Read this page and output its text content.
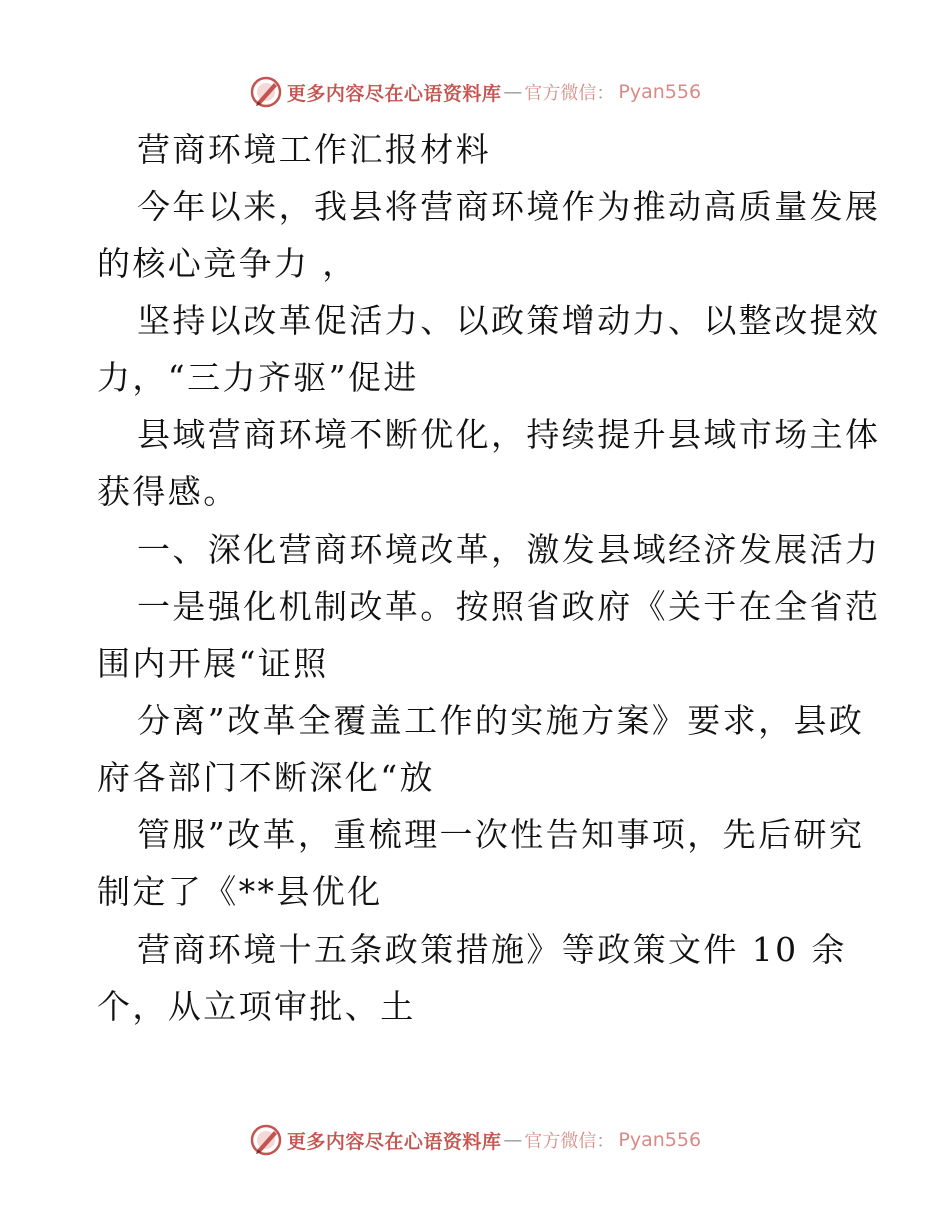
更多内容尽在心语资料库 — 官方微信 ： Pyan556
营商环境工作汇报材料
今年以来，我县将营商环境作为推动高质量发展
的核心竞争力 ，
坚持以改革促活力、以政策增动力、以整改提效
力，“三力齐驱”促进
县域营商环境不断优化，持续提升县域市场主体
获得感。
一、深化营商环境改革，激发县域经济发展活力
一是强化机制改革。按照省政府《关于在全省范
围内开展“证照
分离”改革全覆盖工作的实施方案》要求，县政
府各部门不断深化“放
管服”改革，重梳理一次性告知事项，先后研究
制定了《**县优化
营商环境十五条政策措施》等政策文件 10 余
个，从立项审批、土
更多内容尽在心语资料库 — 官方微信 ： Pyan556
